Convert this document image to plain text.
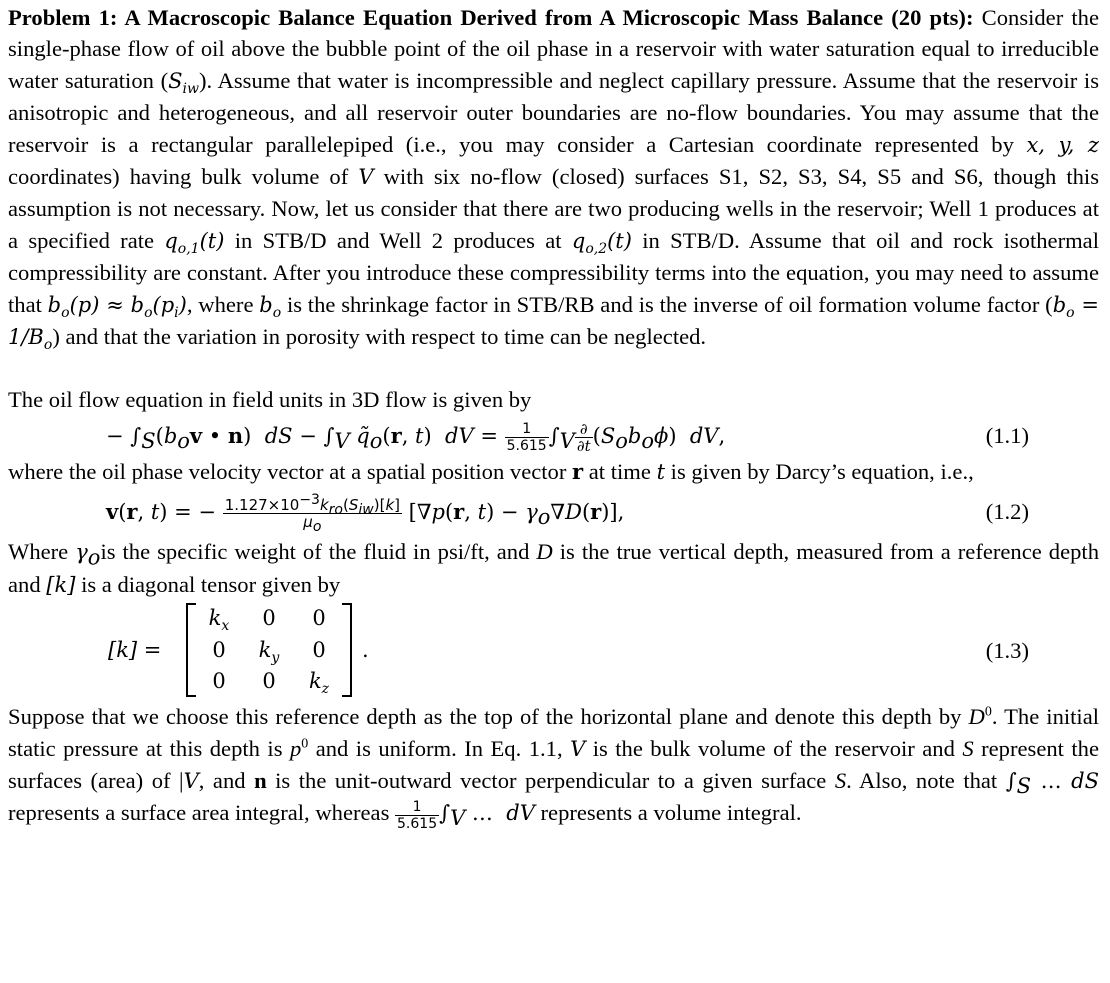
Problem 1: A Macroscopic Balance Equation Derived from A Microscopic Mass Balance (20 pts): Consider the single-phase flow of oil above the bubble point of the oil phase in a reservoir with water saturation equal to irreducible water saturation $(S_{iw})$. Assume that water is incompressible and neglect capillary pressure. Assume that the reservoir is anisotropic and heterogeneous, and all reservoir outer boundaries are no-flow boundaries. You may assume that the reservoir is a rectangular parallelepiped (i.e., you may consider a Cartesian coordinate represented by x, y, z coordinates) having bulk volume of V with six no-flow (closed) surfaces S1, S2, S3, S4, S5 and S6, though this assumption is not necessary. Now, let us consider that there are two producing wells in the reservoir; Well 1 produces at a specified rate $q_{o,1}(t)$ in STB/D and Well 2 produces at $q_{o,2}(t)$ in STB/D. Assume that oil and rock isothermal compressibility are constant. After you introduce these compressibility terms into the equation, you may need to assume that $b_o(p) \approx b_o(p_i)$, where $b_o$ is the shrinkage factor in STB/RB and is the inverse of oil formation volume factor $(b_o = 1/B_o)$ and that the variation in porosity with respect to time can be neglected.

The oil flow equation in field units in 3D flow is given by

− $\int_S(b_ov$ • n)  dS − $\int_V$ $q̃_o(r$, t)  dV = $\frac{1}{5.615} \int_V \frac{\partial}{\partial t} (S_ob_o\phi)$  dV,	(1.1)

where the oil phase velocity vector at a spatial position vector r at time t is given by Darcy’s equation, i.e.,

v(r, t) = − $\frac{1.127\times 10^{-3}k_{ro}(S_{iw})[k]}{\mu_o} [\nabla p(r$, $t) - \gamma_o\nabla D(r)$],	(1.2)

Where $\gamma_ois$ the specific weight of the fluid in psi/ft, and D is the true vertical depth, measured from a reference depth and [k] is a diagonal tensor given by

[k] =
$k_x$	0	0
0	$k_y$	0
0	0	$k_z$
.	(1.3)

Suppose that we choose this reference depth as the top of the horizontal plane and denote this depth by $D^0$. The initial static pressure at this depth is $p^0$ and is uniform. In Eq. 1.1, V is the bulk volume of the reservoir and S represent the surfaces (area) of |V, and n is the unit-outward vector perpendicular to a given surface S. Also, note that $\int_S$ … dS represents a surface area integral, whereas $\frac{1}{5.615} \int_V$ …  dV represents a volume integral.
